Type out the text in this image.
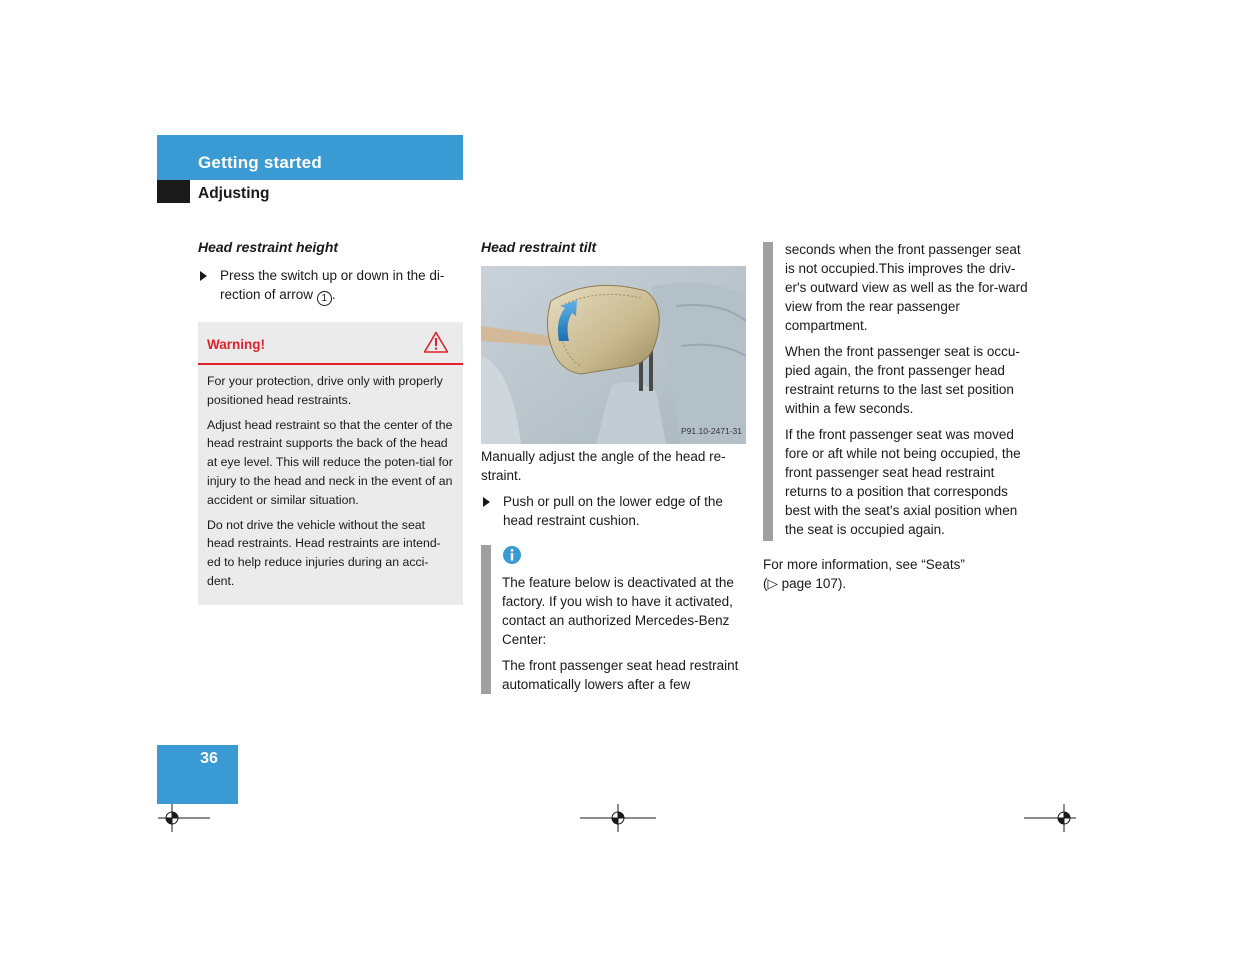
Getting started
Adjusting
Head restraint height
Press the switch up or down in the di-rection of arrow 1 .
Warning!

For your protection, drive only with properly positioned head restraints.

Adjust head restraint so that the center of the head restraint supports the back of the head at eye level. This will reduce the poten-tial for injury to the head and neck in the event of an accident or similar situation.

Do not drive the vehicle without the seat head restraints. Head restraints are intend-ed to help reduce injuries during an acci-dent.

Head restraint tilt
P91.10-2471-31

Manually adjust the angle of the head re-straint.

Push or pull on the lower edge of the head restraint cushion.

The feature below is deactivated at the factory. If you wish to have it activated, contact an authorized Mercedes-Benz Center:

The front passenger seat head restraint automatically lowers after a few

seconds when the front passenger seat is not occupied.This improves the driv-er's outward view as well as the for-ward view from the rear passenger compartment.

When the front passenger seat is occu-pied again, the front passenger head restraint returns to the last set position within a few seconds.

If the front passenger seat was moved fore or aft while not being occupied, the front passenger seat head restraint returns to a position that corresponds best with the seat's axial position when the seat is occupied again.

For more information, see “Seats”
(▷ page 107).
36
